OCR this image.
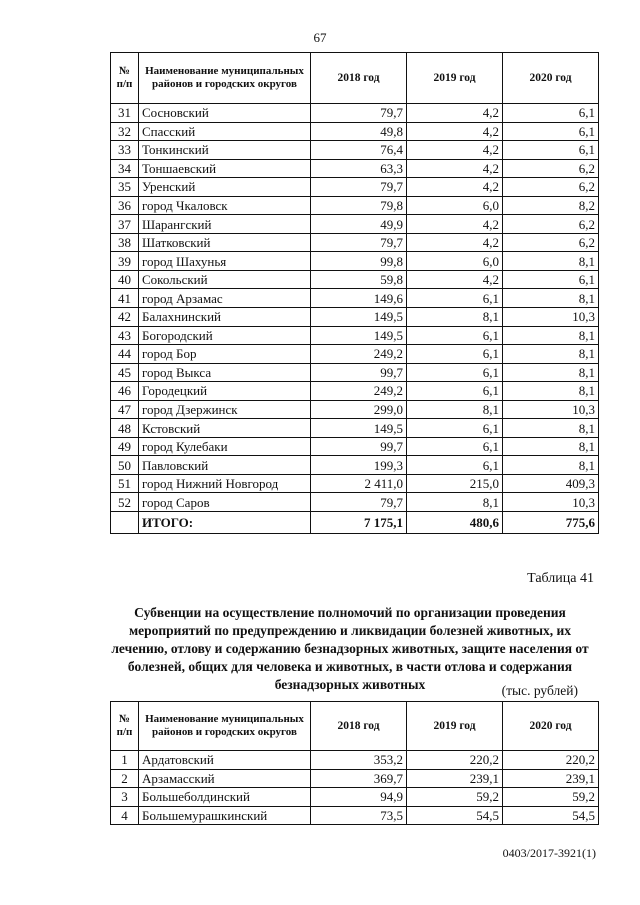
67
№ п/п	Наименование муниципальных районов и городских округов	2018 год	2019 год	2020 год
31	Сосновский	79,7	4,2	6,1
32	Спасский	49,8	4,2	6,1
33	Тонкинский	76,4	4,2	6,1
34	Тоншаевский	63,3	4,2	6,2
35	Уренский	79,7	4,2	6,2
36	город Чкаловск	79,8	6,0	8,2
37	Шарангский	49,9	4,2	6,2
38	Шатковский	79,7	4,2	6,2
39	город Шахунья	99,8	6,0	8,1
40	Сокольский	59,8	4,2	6,1
41	город Арзамас	149,6	6,1	8,1
42	Балахнинский	149,5	8,1	10,3
43	Богородский	149,5	6,1	8,1
44	город Бор	249,2	6,1	8,1
45	город Выкса	99,7	6,1	8,1
46	Городецкий	249,2	6,1	8,1
47	город Дзержинск	299,0	8,1	10,3
48	Кстовский	149,5	6,1	8,1
49	город Кулебаки	99,7	6,1	8,1
50	Павловский	199,3	6,1	8,1
51	город Нижний Новгород	2 411,0	215,0	409,3
52	город Саров	79,7	8,1	10,3
	ИТОГО:	7 175,1	480,6	775,6
Таблица 41
Субвенции на осуществление полномочий по организации проведения мероприятий по предупреждению и ликвидации болезней животных, их лечению, отлову и содержанию безнадзорных животных, защите населения от болезней, общих для человека и животных, в части отлова и содержания безнадзорных животных	(тыс. рублей)
№ п/п	Наименование муниципальных районов и городских округов	2018 год	2019 год	2020 год
1	Ардатовский	353,2	220,2	220,2
2	Арзамасский	369,7	239,1	239,1
3	Большеболдинский	94,9	59,2	59,2
4	Большемурашкинский	73,5	54,5	54,5
0403/2017-3921(1)
